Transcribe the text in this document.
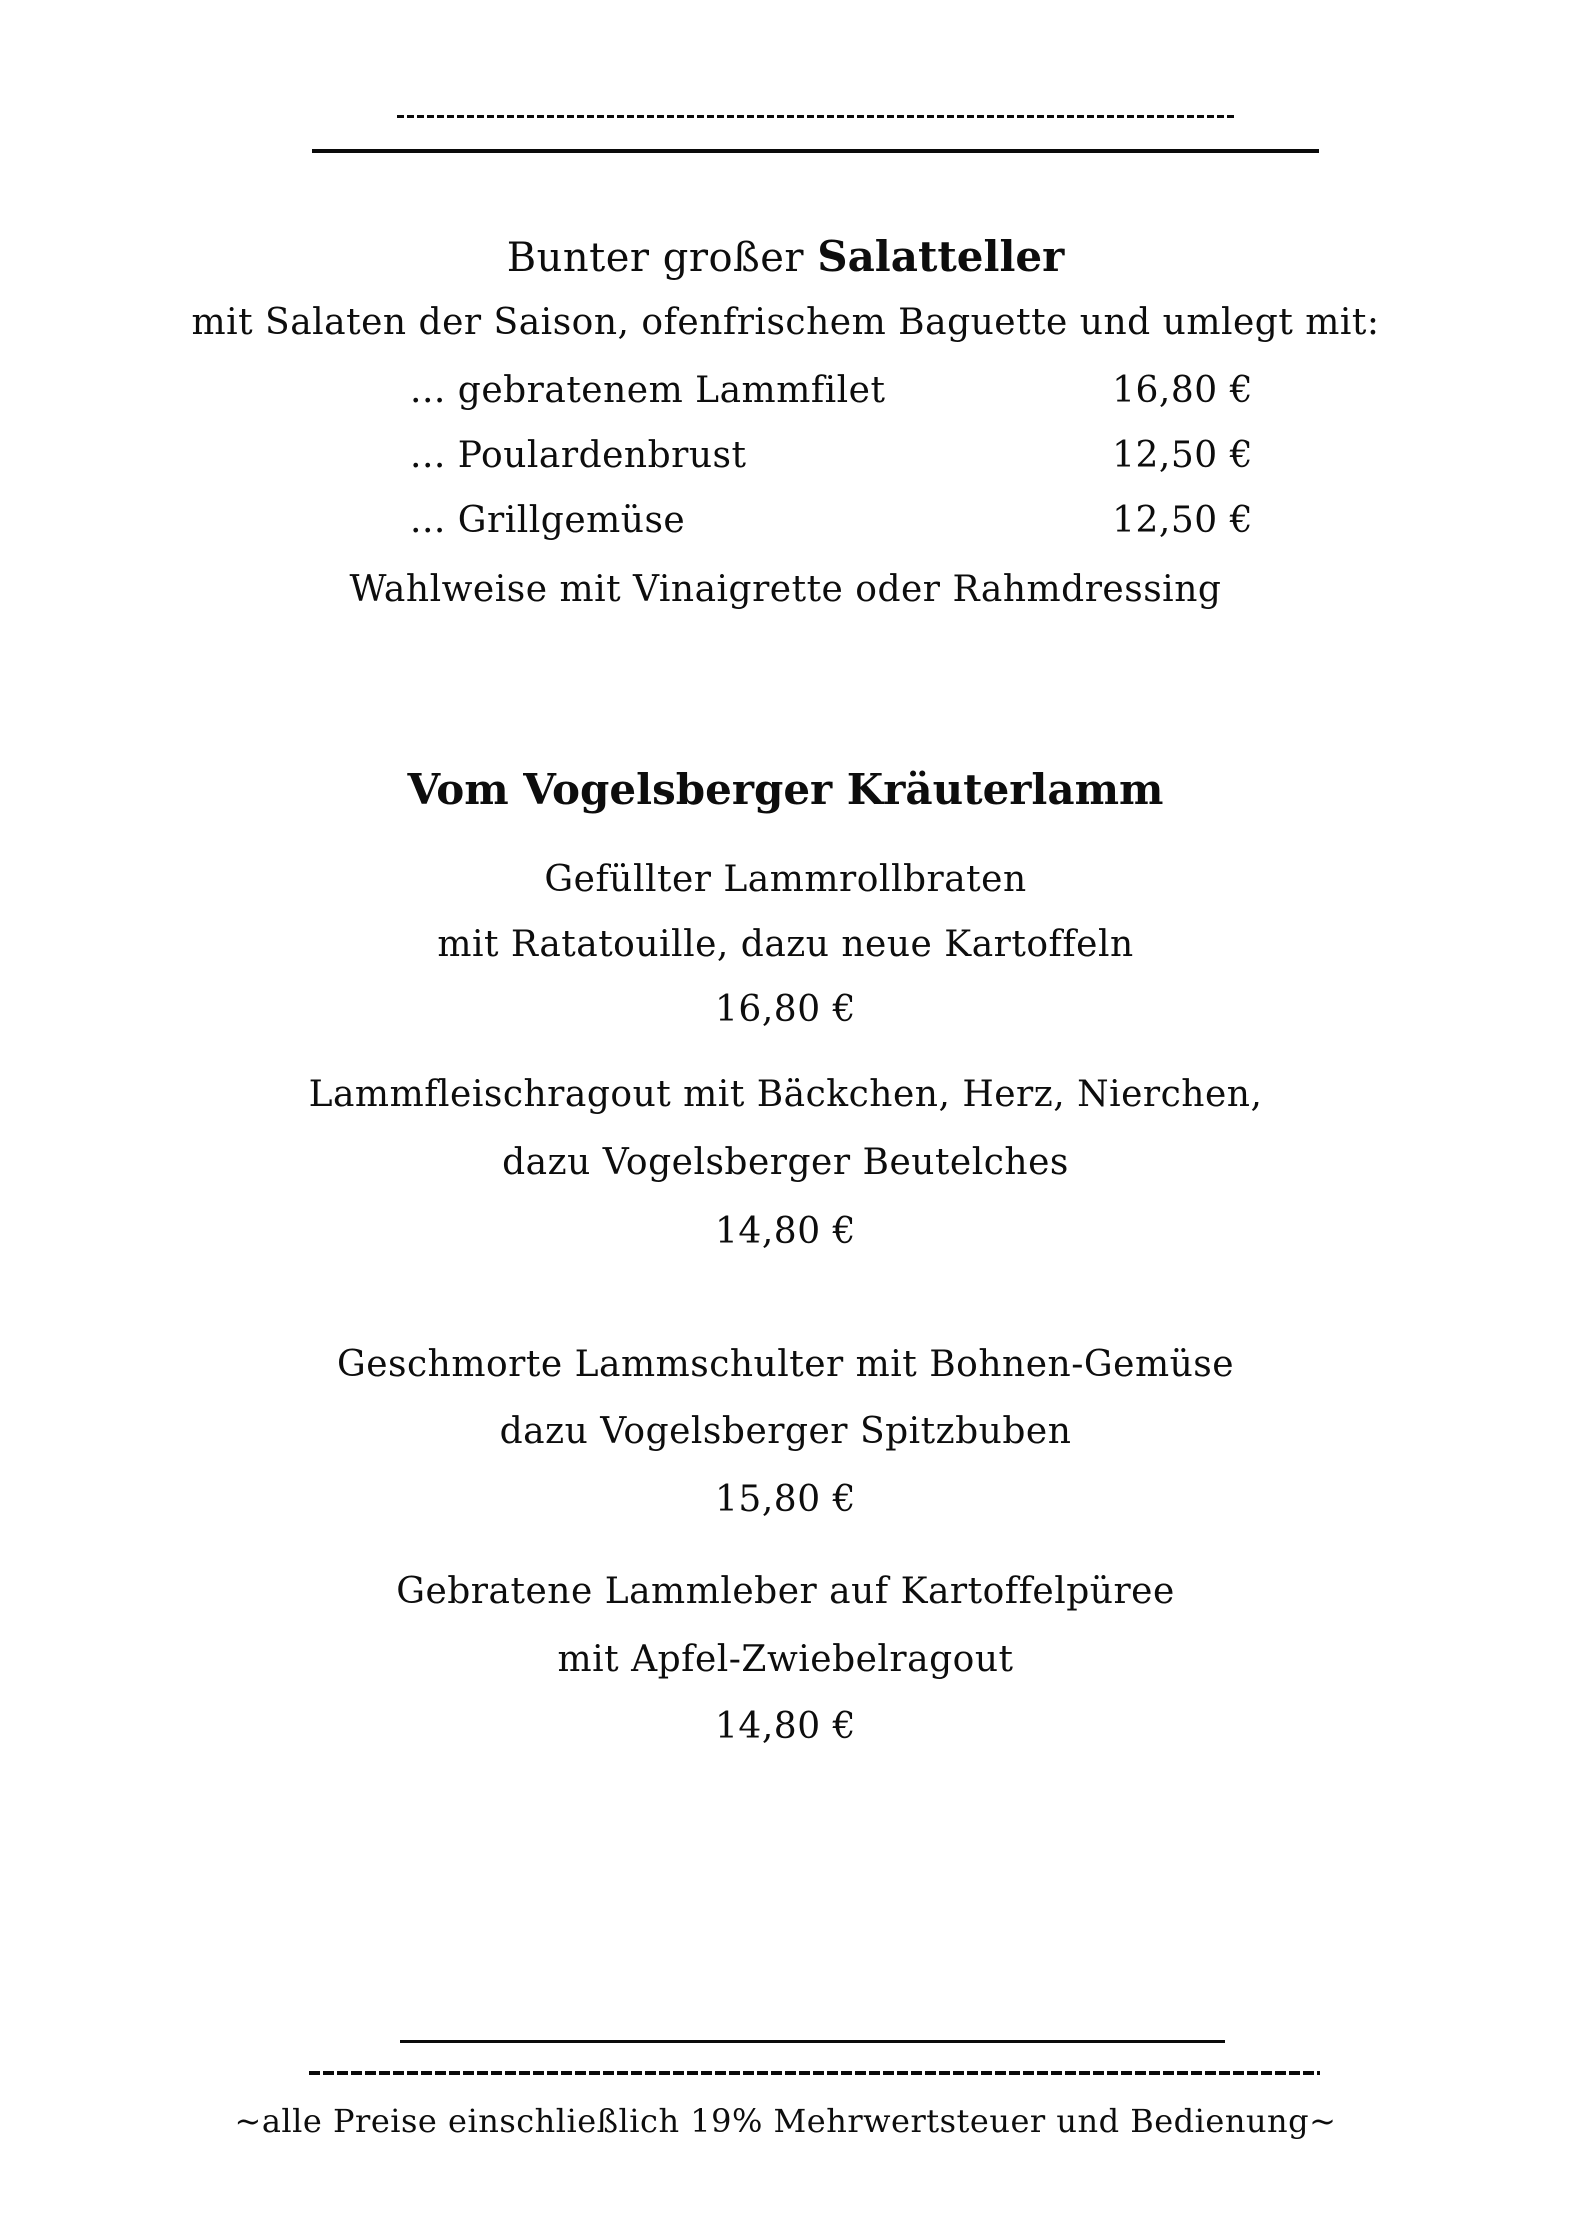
Bunter großer Salatteller
mit Salaten der Saison, ofenfrischem Baguette und umlegt mit:
... gebratenem Lammfilet	16,80 €
... Poulardenbrust	12,50 €
... Grillgemüse	12,50 €
Wahlweise mit Vinaigrette oder Rahmdressing
Vom Vogelsberger Kräuterlamm
Gefüllter Lammrollbraten
mit Ratatouille, dazu neue Kartoffeln
16,80 €
Lammfleischragout mit Bäckchen, Herz, Nierchen,
dazu Vogelsberger Beutelches
14,80 €
Geschmorte Lammschulter mit Bohnen-Gemüse
dazu Vogelsberger Spitzbuben
15,80 €
Gebratene Lammleber auf Kartoffelpüree
mit Apfel-Zwiebelragout
14,80 €
~alle Preise einschließlich 19% Mehrwertsteuer und Bedienung~
